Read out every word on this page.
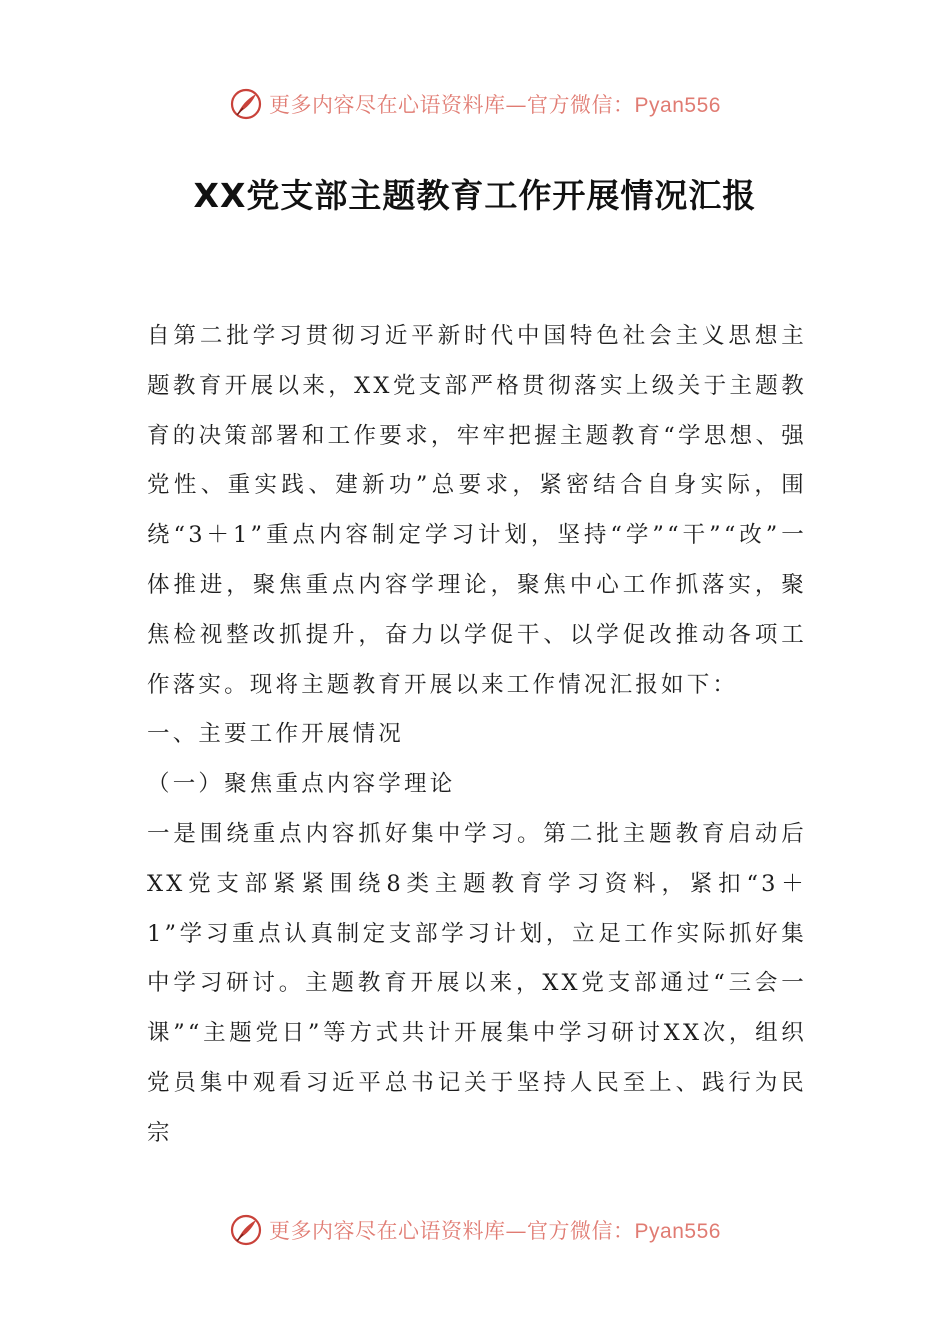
更多内容尽在心语资料库—官方微信：Pyan556
XX党支部主题教育工作开展情况汇报

自第二批学习贯彻习近平新时代中国特色社会主义思想主题教育开展以来，XX党支部严格贯彻落实上级关于主题教育的决策部署和工作要求，牢牢把握主题教育“学思想、强党性、重实践、建新功”总要求，紧密结合自身实际，围绕“3＋1”重点内容制定学习计划，坚持“学”“干”“改”一体推进，聚焦重点内容学理论，聚焦中心工作抓落实，聚焦检视整改抓提升，奋力以学促干、以学促改推动各项工作落实。现将主题教育开展以来工作情况汇报如下：

一、主要工作开展情况

（一）聚焦重点内容学理论

一是围绕重点内容抓好集中学习。第二批主题教育启动后XX党支部紧紧围绕8类主题教育学习资料，紧扣“3＋1”学习重点认真制定支部学习计划，立足工作实际抓好集中学习研讨。主题教育开展以来，XX党支部通过“三会一课”“主题党日”等方式共计开展集中学习研讨XX次，组织党员集中观看习近平总书记关于坚持人民至上、践行为民宗

更多内容尽在心语资料库—官方微信：Pyan556
